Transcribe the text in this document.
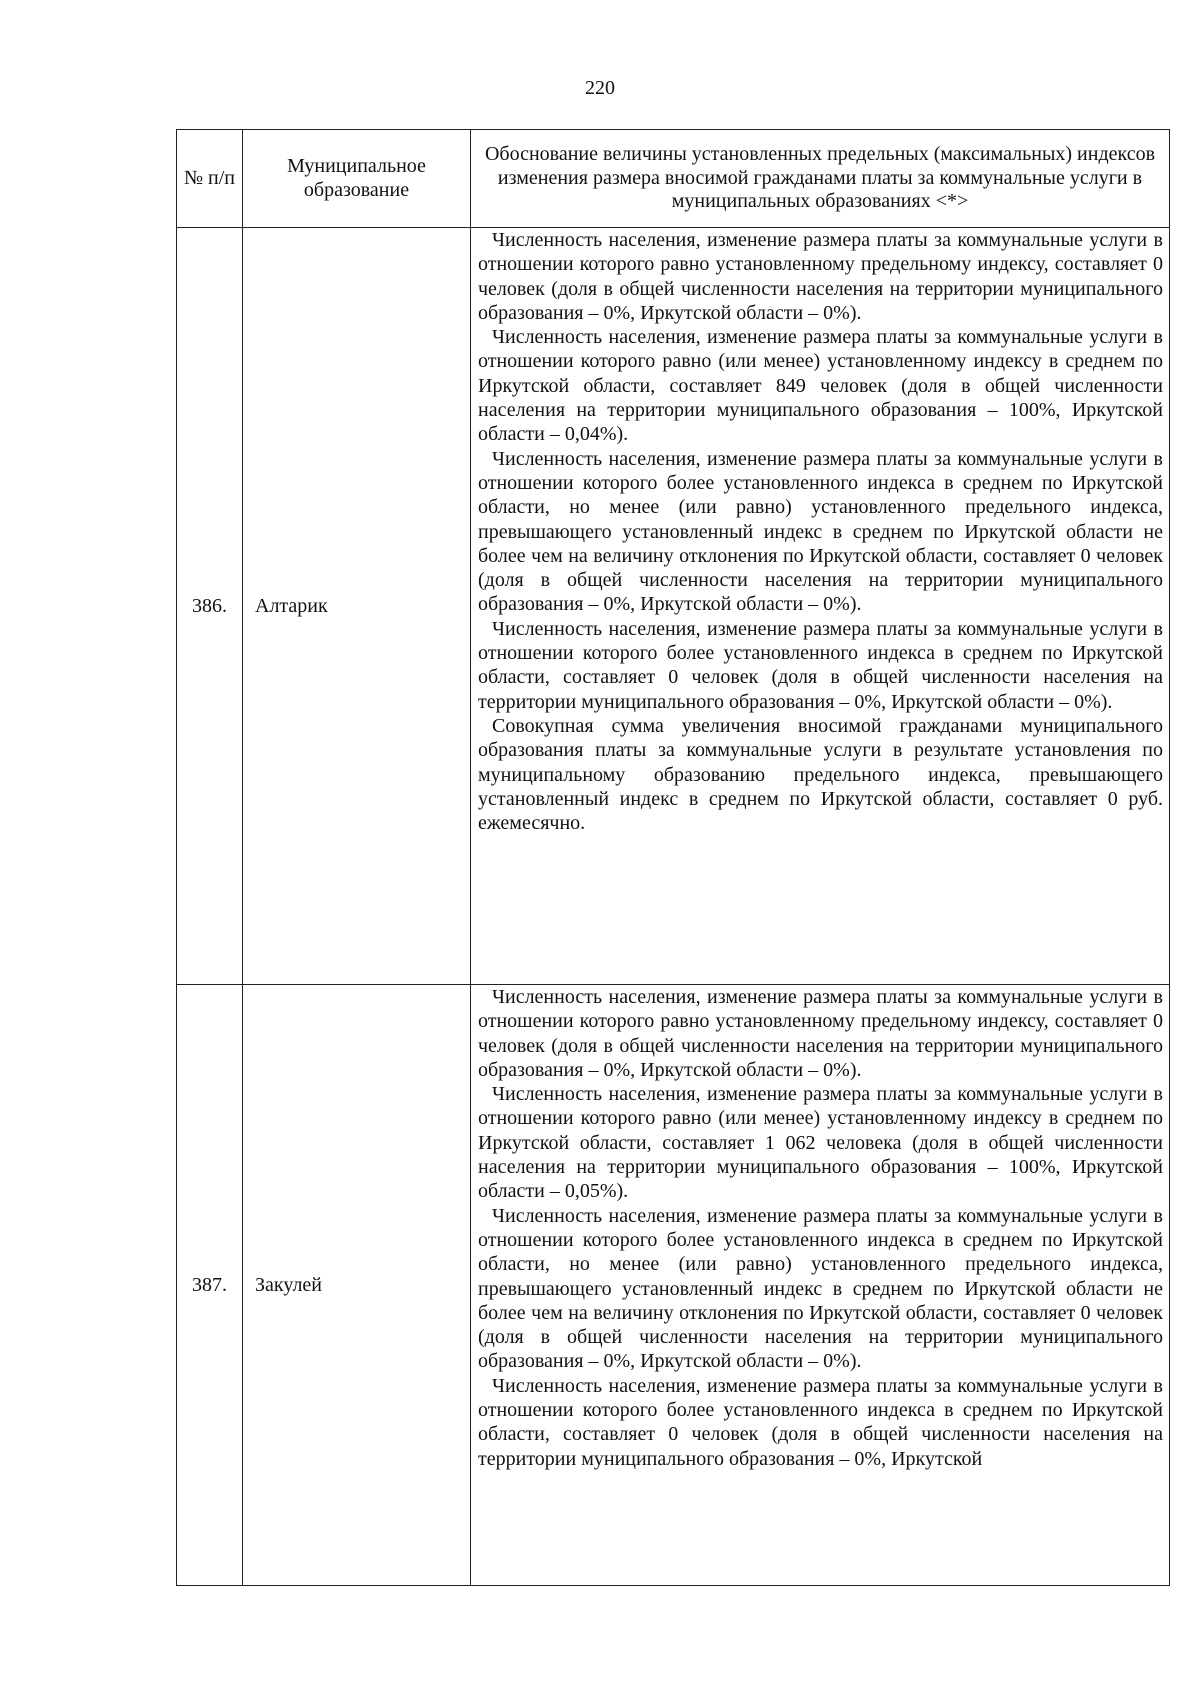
220
№ п/п	Муниципальное образование	Обоснование величины установленных предельных (максимальных) индексов изменения размера вносимой гражданами платы за коммунальные услуги в муниципальных образованиях <*>
386.	Алтарик	Численность населения, изменение размера платы за коммунальные услуги в отношении которого равно установленному предельному индексу, составляет 0 человек (доля в общей численности населения на территории муниципального образования – 0%, Иркутской области – 0%).

Численность населения, изменение размера платы за коммунальные услуги в отношении которого равно (или менее) установленному индексу в среднем по Иркутской области, составляет 849 человек (доля в общей численности населения на территории муниципального образования – 100%, Иркутской области – 0,04%).

Численность населения, изменение размера платы за коммунальные услуги в отношении которого более установленного индекса в среднем по Иркутской области, но менее (или равно) установленного предельного индекса, превышающего установленный индекс в среднем по Иркутской области не более чем на величину отклонения по Иркутской области, составляет 0 человек (доля в общей численности населения на территории муниципального образования – 0%, Иркутской области – 0%).

Численность населения, изменение размера платы за коммунальные услуги в отношении которого более установленного индекса в среднем по Иркутской области, составляет 0 человек (доля в общей численности населения на территории муниципального образования – 0%, Иркутской области – 0%).

Совокупная сумма увеличения вносимой гражданами муниципального образования платы за коммунальные услуги в результате установления по муниципальному образованию предельного индекса, превышающего установленный индекс в среднем по Иркутской области, составляет 0 руб. ежемесячно.

387.	Закулей	Численность населения, изменение размера платы за коммунальные услуги в отношении которого равно установленному предельному индексу, составляет 0 человек (доля в общей численности населения на территории муниципального образования – 0%, Иркутской области – 0%).

Численность населения, изменение размера платы за коммунальные услуги в отношении которого равно (или менее) установленному индексу в среднем по Иркутской области, составляет 1 062 человека (доля в общей численности населения на территории муниципального образования – 100%, Иркутской области – 0,05%).

Численность населения, изменение размера платы за коммунальные услуги в отношении которого более установленного индекса в среднем по Иркутской области, но менее (или равно) установленного предельного индекса, превышающего установленный индекс в среднем по Иркутской области не более чем на величину отклонения по Иркутской области, составляет 0 человек (доля в общей численности населения на территории муниципального образования – 0%, Иркутской области – 0%).

Численность населения, изменение размера платы за коммунальные услуги в отношении которого более установленного индекса в среднем по Иркутской области, составляет 0 человек (доля в общей численности населения на территории муниципального образования – 0%, Иркутской
